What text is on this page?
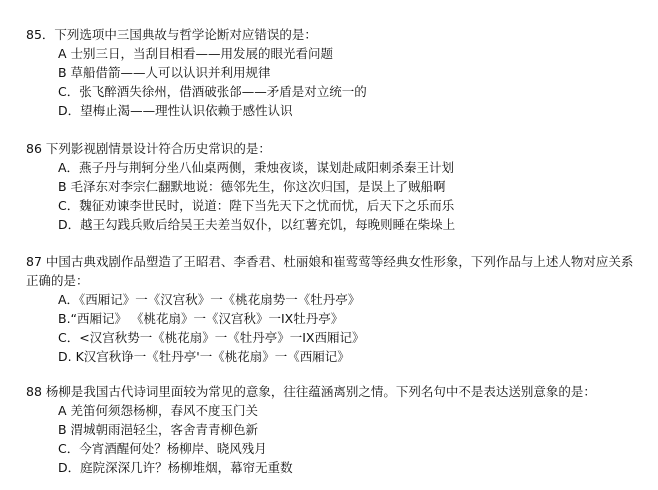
85．下列选项中三国典故与哲学论断对应错误的是：
A 士别三日，当刮目相看——用发展的眼光看问题
B 草船借箭——人可以认识并利用规律
C．张飞醉酒失徐州，借酒破张郃——矛盾是对立统一的
D．望梅止渴——理性认识依赖于感性认识
86 下列影视剧情景设计符合历史常识的是：
A．燕子丹与荆轲分坐八仙桌两侧，秉烛夜谈，谋划赴咸阳刺杀秦王计划
B 毛泽东对李宗仁翻默地说：德邻先生，你这次归国，是误上了贼船啊
C．魏征劝谏李世民时，说道：陛下当先天下之忧而忧，后天下之乐而乐
D．越王勾践兵败后给吴王夫差当奴仆，以红薯充饥，每晚则睡在柴垛上
87 中国古典戏剧作品塑造了王昭君、李香君、杜丽娘和崔莺莺等经典女性形象，下列作品与上述人物对应关系
正确的是：
A．《西厢记》一《汉宫秋》一《桃花扇势一《牡丹亭》
B.“西厢记》 《桃花扇》一《汉宫秋》一IX牡丹亭》
C．<汉宫秋势一《桃花扇》一《牡丹亭》一IX西厢记》
D. K汉宫秋诤一《牡丹亭'一《桃花扇》一《西厢记》
88 杨柳是我国古代诗词里面较为常见的意象，往往蕴涵离别之情。下列名句中不是表达送别意象的是：
A 羌笛何须怨杨柳，春风不度玉门关
B 渭城朝雨浥轻尘，客舍青青柳色新
C．今宵酒醒何处？杨柳岸、晓风残月
D．庭院深深几许？杨柳堆烟，幕帘无重数
